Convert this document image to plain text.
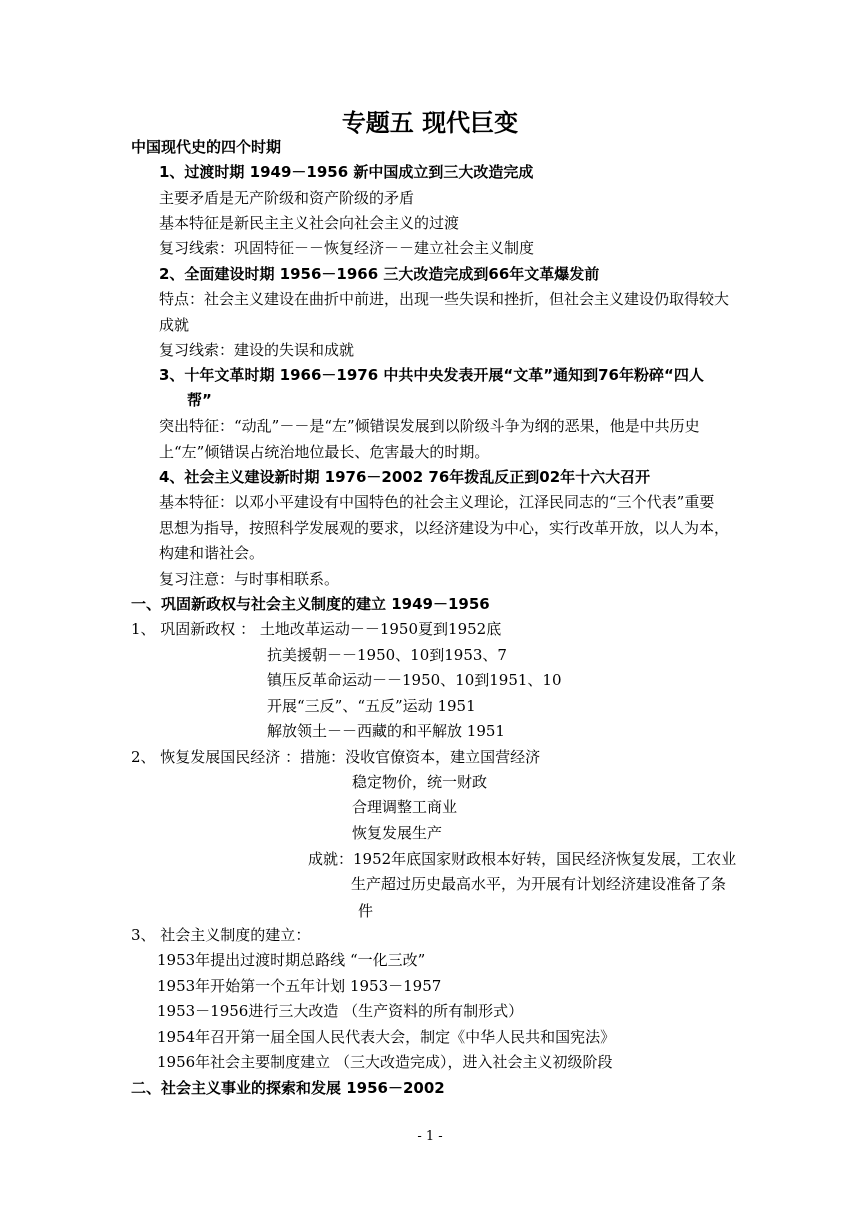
专题五 现代巨变
中国现代史的四个时期
1、过渡时期 1949－1956 新中国成立到三大改造完成
主要矛盾是无产阶级和资产阶级的矛盾
基本特征是新民主主义社会向社会主义的过渡
复习线索：巩固特征－－恢复经济－－建立社会主义制度
2、全面建设时期 1956－1966 三大改造完成到66年文革爆发前
特点：社会主义建设在曲折中前进，出现一些失误和挫折，但社会主义建设仍取得较大
成就
复习线索：建设的失误和成就
3、十年文革时期 1966－1976 中共中央发表开展“文革”通知到76年粉碎“四人
帮”
突出特征：“动乱”－－是“左”倾错误发展到以阶级斗争为纲的恶果，他是中共历史
上“左”倾错误占统治地位最长、危害最大的时期。
4、社会主义建设新时期 1976－2002 76年拨乱反正到02年十六大召开
基本特征：以邓小平建设有中国特色的社会主义理论，江泽民同志的“三个代表”重要
思想为指导，按照科学发展观的要求，以经济建设为中心，实行改革开放，以人为本，
构建和谐社会。
复习注意：与时事相联系。
一、巩固新政权与社会主义制度的建立 1949－1956
1、 巩固新政权 ： 土地改革运动－－1950夏到1952底
抗美援朝－－1950、10到1953、7
镇压反革命运动－－1950、10到1951、10
开展“三反”、“五反”运动 1951
解放领土－－西藏的和平解放 1951
2、 恢复发展国民经济 ：措施：没收官僚资本，建立国营经济
稳定物价，统一财政
合理调整工商业
恢复发展生产
成就：1952年底国家财政根本好转，国民经济恢复发展，工农业
生产超过历史最高水平，为开展有计划经济建设准备了条
件
3、 社会主义制度的建立：
1953年提出过渡时期总路线 “一化三改”
1953年开始第一个五年计划 1953－1957
1953－1956进行三大改造 （生产资料的所有制形式）
1954年召开第一届全国人民代表大会，制定《中华人民共和国宪法》
1956年社会主要制度建立 （三大改造完成），进入社会主义初级阶段
二、社会主义事业的探索和发展 1956－2002
- 1 -
